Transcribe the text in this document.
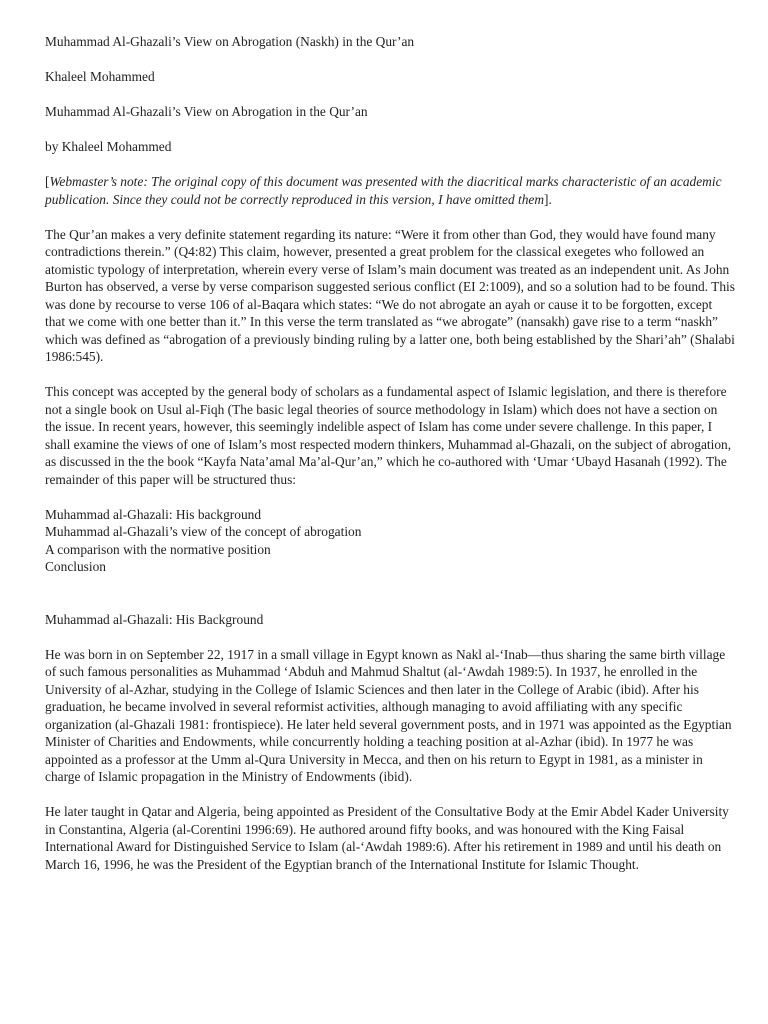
Muhammad Al-Ghazali’s View on Abrogation (Naskh) in the Qur’an
Khaleel Mohammed
Muhammad Al-Ghazali’s View on Abrogation in the Qur’an
by Khaleel Mohammed

[Webmaster’s note: The original copy of this document was presented with the diacritical marks characteristic of an academic publication. Since they could not be correctly reproduced in this version, I have omitted them].

The Qur’an makes a very definite statement regarding its nature: “Were it from other than God, they would have found many contradictions therein.” (Q4:82) This claim, however, presented a great problem for the classical exegetes who followed an atomistic typology of interpretation, wherein every verse of Islam’s main document was treated as an independent unit. As John Burton has observed, a verse by verse comparison suggested serious conflict (EI 2:1009), and so a solution had to be found. This was done by recourse to verse 106 of al-Baqara which states: “We do not abrogate an ayah or cause it to be forgotten, except that we come with one better than it.” In this verse the term translated as “we abrogate” (nansakh) gave rise to a term “naskh” which was defined as “abrogation of a previously binding ruling by a latter one, both being established by the Shari’ah” (Shalabi 1986:545).

This concept was accepted by the general body of scholars as a fundamental aspect of Islamic legislation, and there is therefore not a single book on Usul al-Fiqh (The basic legal theories of source methodology in Islam) which does not have a section on the issue. In recent years, however, this seemingly indelible aspect of Islam has come under severe challenge. In this paper, I shall examine the views of one of Islam’s most respected modern thinkers, Muhammad al-Ghazali, on the subject of abrogation, as discussed in the the book “Kayfa Nata’amal Ma’al-Qur’an,” which he co-authored with ‘Umar ‘Ubayd Hasanah (1992). The remainder of this paper will be structured thus:

Muhammad al-Ghazali: His background
Muhammad al-Ghazali’s view of the concept of abrogation
A comparison with the normative position
Conclusion
Muhammad al-Ghazali: His Background

He was born in on September 22, 1917 in a small village in Egypt known as Nakl al-‘Inab—thus sharing the same birth village of such famous personalities as Muhammad ‘Abduh and Mahmud Shaltut (al-‘Awdah 1989:5). In 1937, he enrolled in the University of al-Azhar, studying in the College of Islamic Sciences and then later in the College of Arabic (ibid). After his graduation, he became involved in several reformist activities, although managing to avoid affiliating with any specific organization (al-Ghazali 1981: frontispiece). He later held several government posts, and in 1971 was appointed as the Egyptian Minister of Charities and Endowments, while concurrently holding a teaching position at al-Azhar (ibid). In 1977 he was appointed as a professor at the Umm al-Qura University in Mecca, and then on his return to Egypt in 1981, as a minister in charge of Islamic propagation in the Ministry of Endowments (ibid).

He later taught in Qatar and Algeria, being appointed as President of the Consultative Body at the Emir Abdel Kader University in Constantina, Algeria (al-Corentini 1996:69). He authored around fifty books, and was honoured with the King Faisal International Award for Distinguished Service to Islam (al-‘Awdah 1989:6). After his retirement in 1989 and until his death on March 16, 1996, he was the President of the Egyptian branch of the International Institute for Islamic Thought.
